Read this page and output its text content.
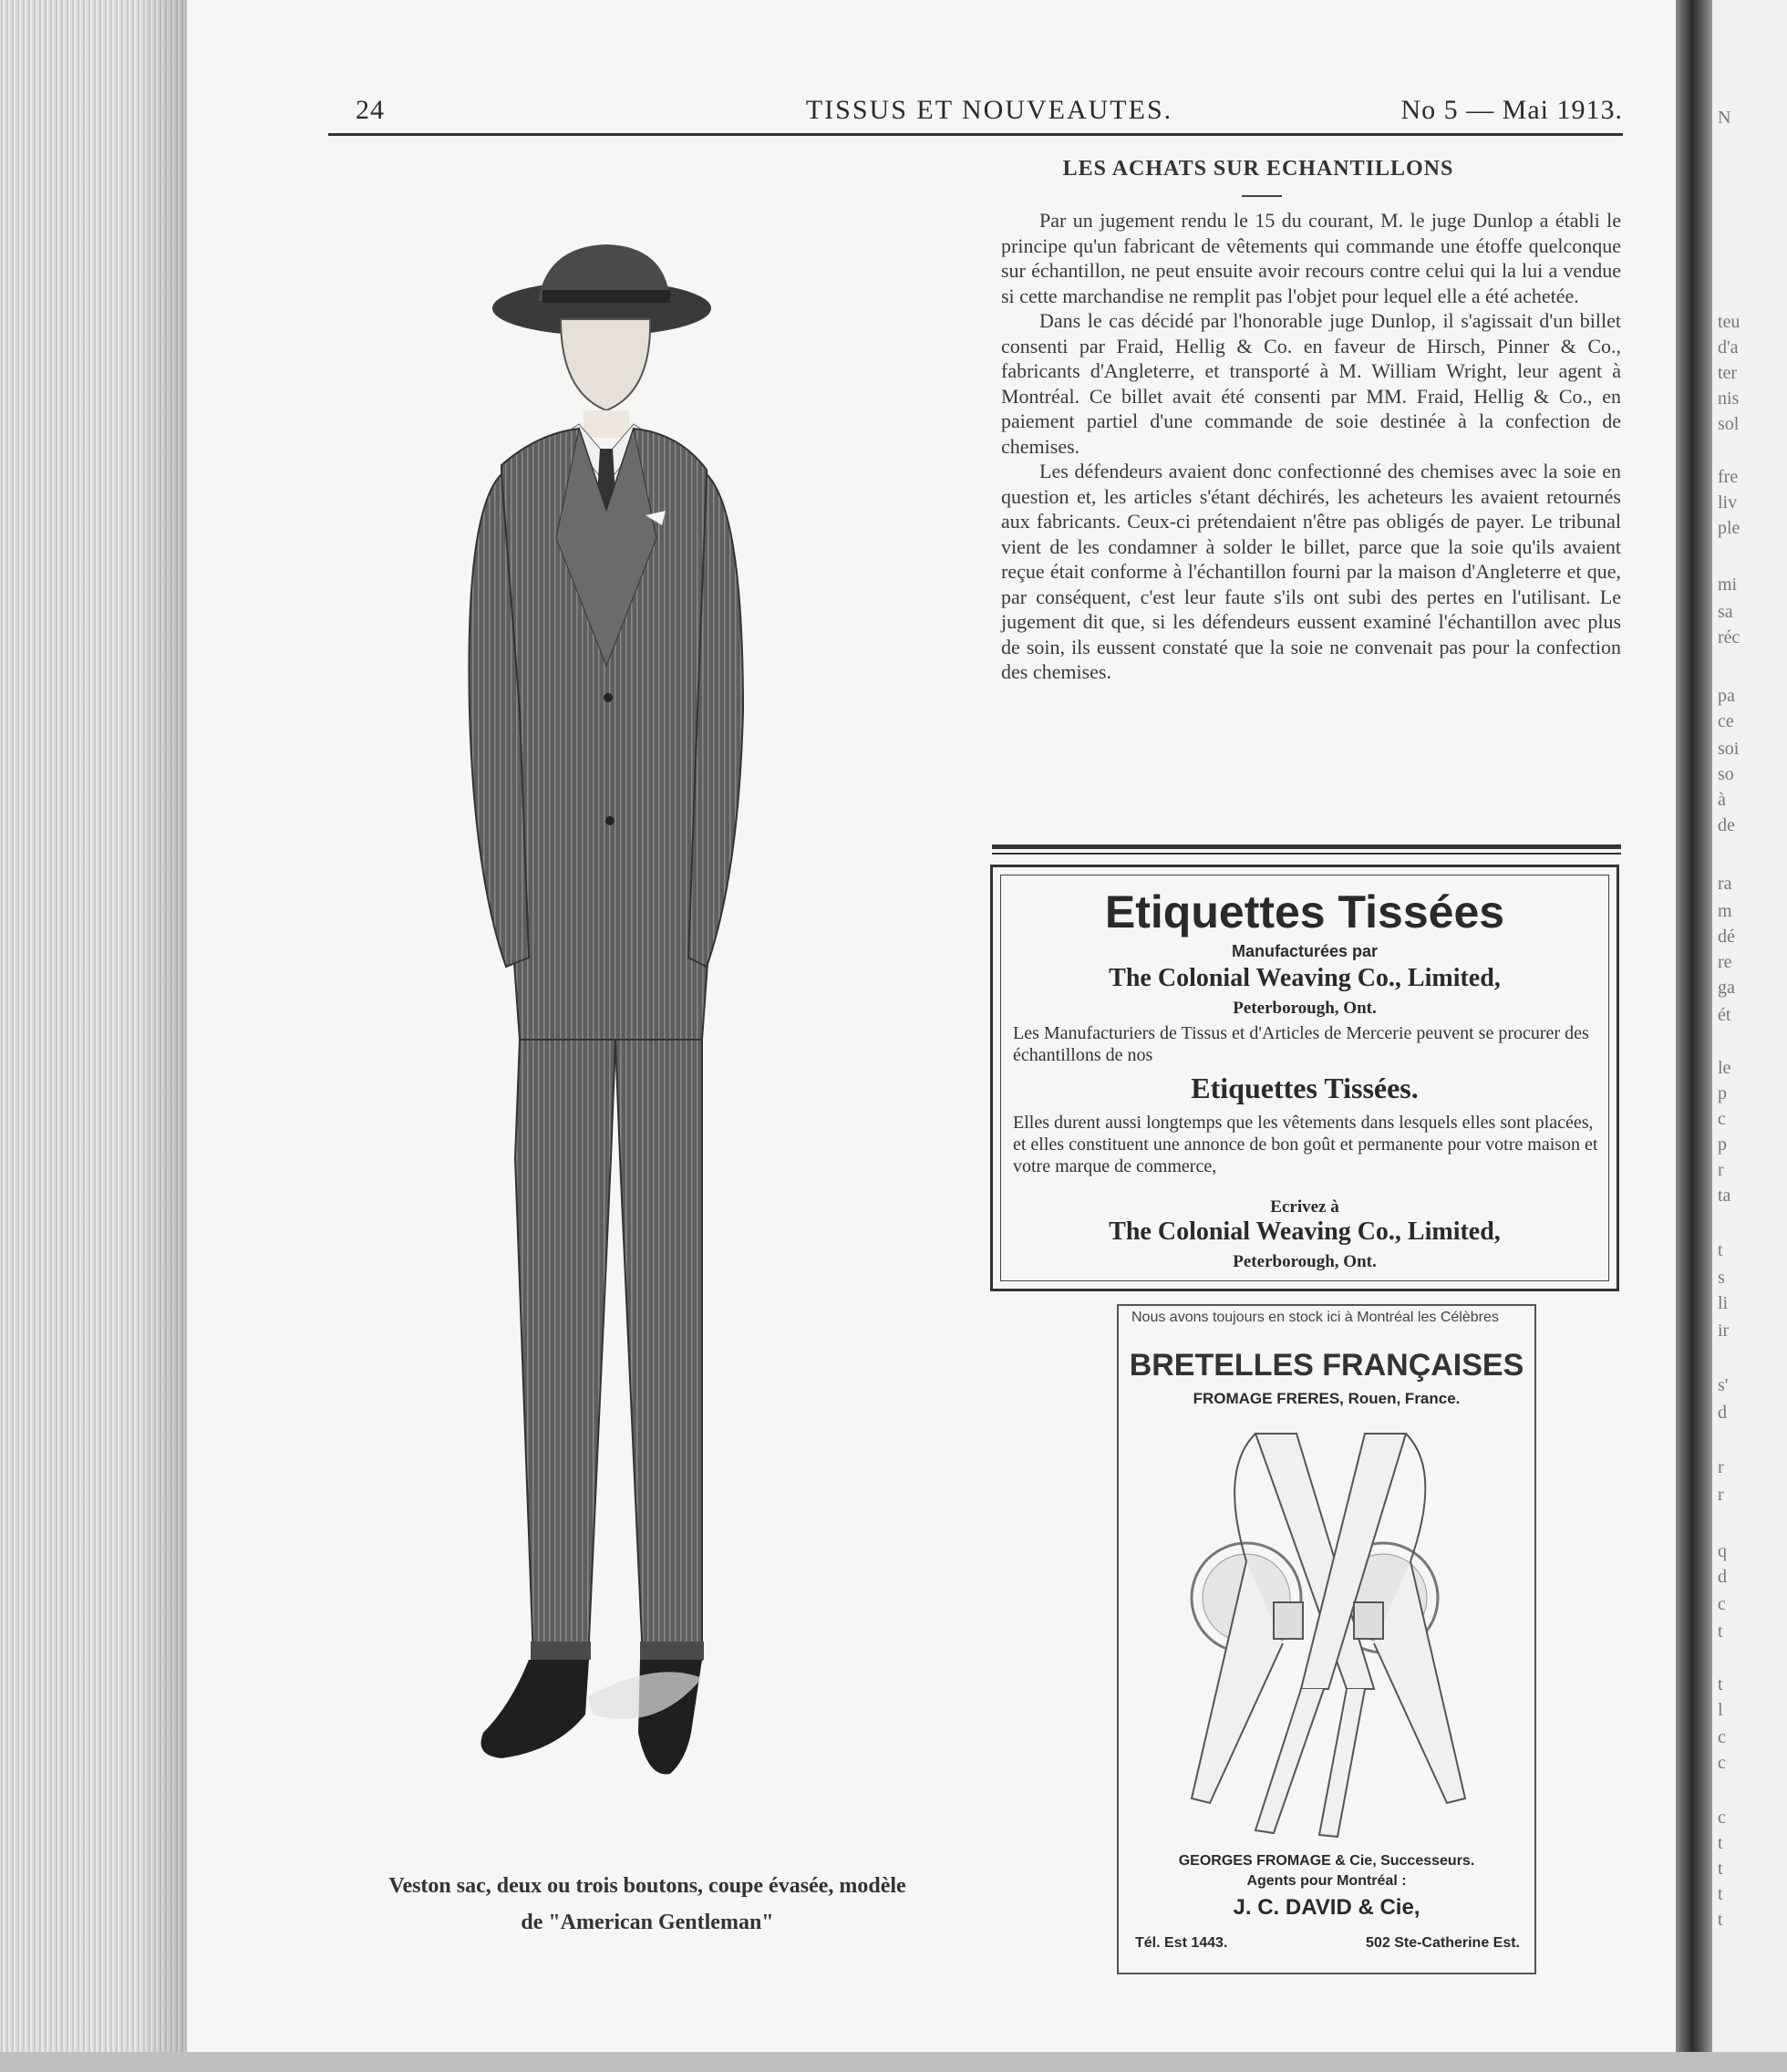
N
teu
d'a
ter
nis
sol
fre
liv
ple
mi
sa
réc
pa
ce
soi
so
à
de
ra
m
dé
re
ga
ét
le
p
c
p
r
ta
t
s
li
ir
s'
d
r
r
q
d
c
t
t
l
c
c
c
t
t
t
t
24	TISSUS ET NOUVEAUTES.	No 5 — Mai 1913.
LES ACHATS SUR ECHANTILLONS

Par un jugement rendu le 15 du courant, M. le juge Dunlop a établi le principe qu'un fabricant de vêtements qui commande une étoffe quelconque sur échantillon, ne peut ensuite avoir recours contre celui qui la lui a vendue si cette marchandise ne remplit pas l'objet pour lequel elle a été achetée.

Dans le cas décidé par l'honorable juge Dunlop, il s'agissait d'un billet consenti par Fraid, Hellig & Co. en faveur de Hirsch, Pinner & Co., fabricants d'Angleterre, et transporté à M. William Wright, leur agent à Montréal. Ce billet avait été consenti par MM. Fraid, Hellig & Co., en paiement partiel d'une commande de soie destinée à la confection de chemises.

Les défendeurs avaient donc confectionné des chemises avec la soie en question et, les articles s'étant déchirés, les acheteurs les avaient retournés aux fabricants. Ceux-ci prétendaient n'être pas obligés de payer. Le tribunal vient de les condamner à solder le billet, parce que la soie qu'ils avaient reçue était conforme à l'échantillon fourni par la maison d'Angleterre et que, par conséquent, c'est leur faute s'ils ont subi des pertes en l'utilisant. Le jugement dit que, si les défendeurs eussent examiné l'échantillon avec plus de soin, ils eussent constaté que la soie ne convenait pas pour la confection des chemises.

Veston sac, deux ou trois boutons, coupe évasée, modèle
de "American Gentleman"
Etiquettes Tissées
Manufacturées par
The Colonial Weaving Co., Limited,
Peterborough, Ont.
Les Manufacturiers de Tissus et d'Articles de Mercerie peuvent se procurer des échantillons de nos
Etiquettes Tissées.
Elles durent aussi longtemps que les vêtements dans lesquels elles sont placées, et elles constituent une annonce de bon goût et permanente pour votre maison et votre marque de commerce,
Ecrivez à
The Colonial Weaving Co., Limited,
Peterborough, Ont.
Nous avons toujours en stock ici à Montréal les Célèbres
BRETELLES FRANÇAISES
FROMAGE FRERES, Rouen, France.
GEORGES FROMAGE & Cie, Successeurs.
Agents pour Montréal :
J. C. DAVID & Cie,
Tél. Est 1443.	502 Ste-Catherine Est.
